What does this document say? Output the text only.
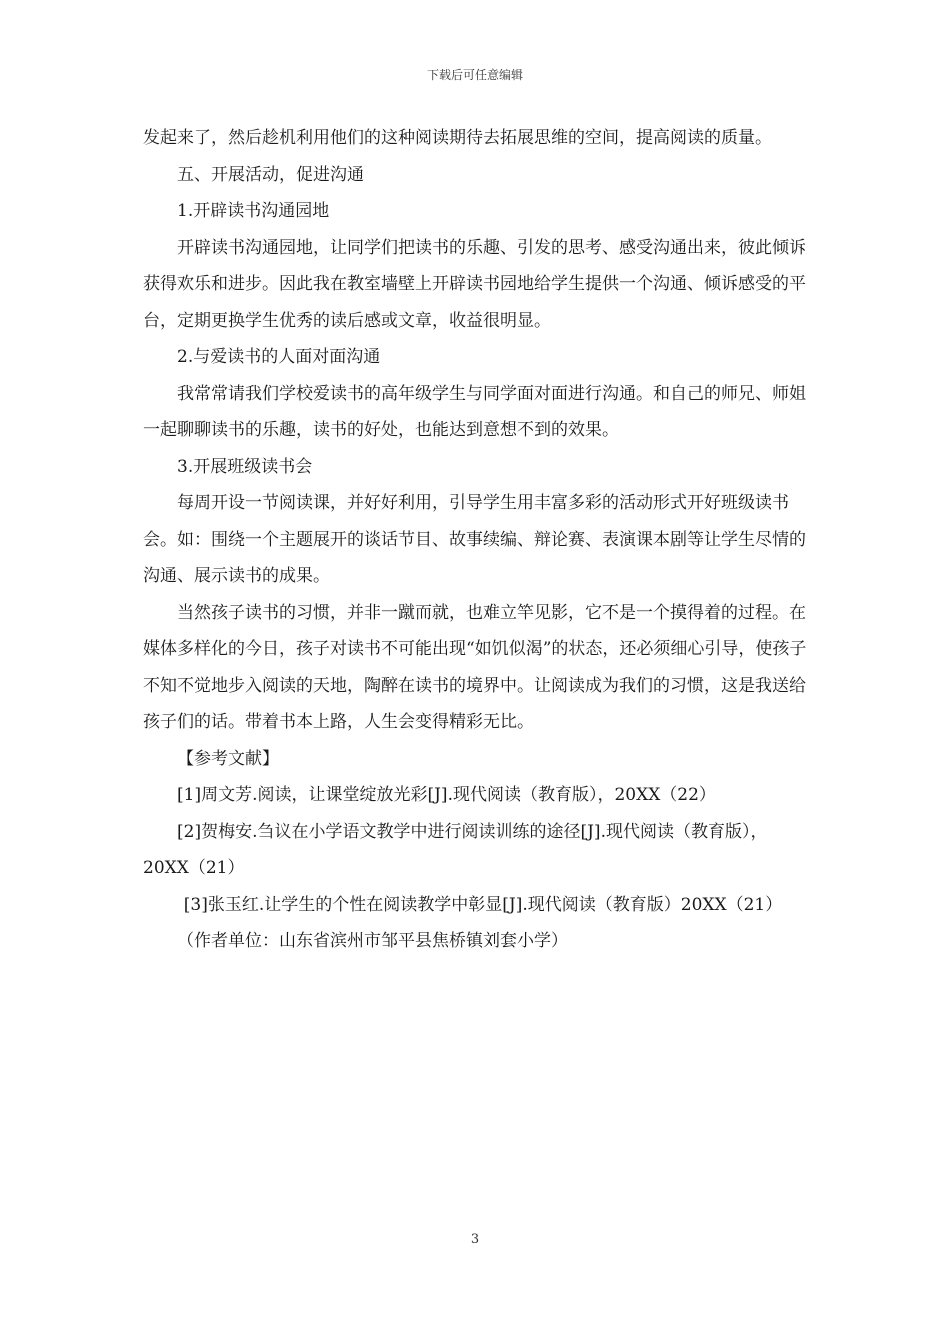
下载后可任意编辑

发起来了，然后趁机利用他们的这种阅读期待去拓展思维的空间，提高阅读的质量。

五、开展活动，促进沟通

1.开辟读书沟通园地

开辟读书沟通园地，让同学们把读书的乐趣、引发的思考、感受沟通出来，彼此倾诉获得欢乐和进步。因此我在教室墙壁上开辟读书园地给学生提供一个沟通、倾诉感受的平台，定期更换学生优秀的读后感或文章，收益很明显。

2.与爱读书的人面对面沟通

我常常请我们学校爱读书的高年级学生与同学面对面进行沟通。和自己的师兄、师姐一起聊聊读书的乐趣，读书的好处，也能达到意想不到的效果。

3.开展班级读书会

每周开设一节阅读课，并好好利用，引导学生用丰富多彩的活动形式开好班级读书会。如：围绕一个主题展开的谈话节目、故事续编、辩论赛、表演课本剧等让学生尽情的沟通、展示读书的成果。

当然孩子读书的习惯，并非一蹴而就，也难立竿见影，它不是一个摸得着的过程。在媒体多样化的今日，孩子对读书不可能出现“如饥似渴”的状态，还必须细心引导，使孩子不知不觉地步入阅读的天地，陶醉在读书的境界中。让阅读成为我们的习惯，这是我送给孩子们的话。带着书本上路，人生会变得精彩无比。

【参考文献】

[1]周文芳.阅读，让课堂绽放光彩[J].现代阅读（教育版），20XX（22）

[2]贺梅安.刍议在小学语文教学中进行阅读训练的途径[J].现代阅读（教育版），20XX（21）

[3]张玉红.让学生的个性在阅读教学中彰显[J].现代阅读（教育版）20XX（21）

（作者单位：山东省滨州市邹平县焦桥镇刘套小学）

3
